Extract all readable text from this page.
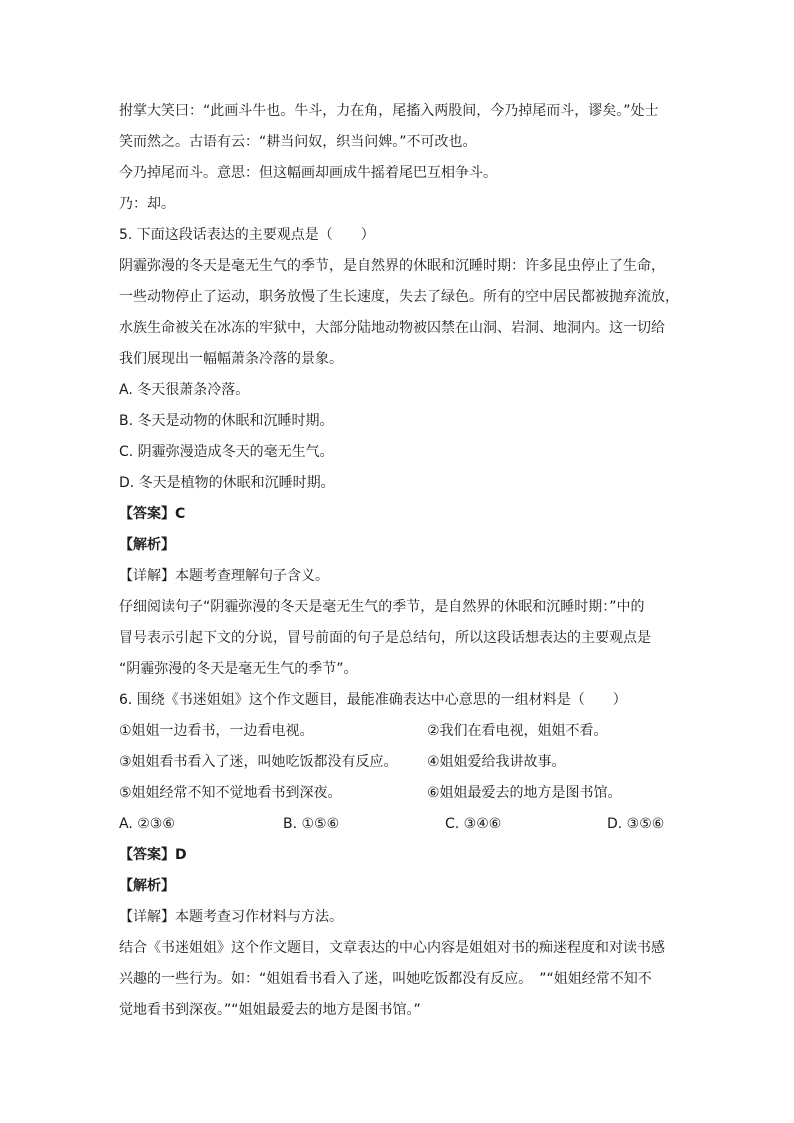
拊掌大笑曰：“此画斗牛也。牛斗，力在角，尾搐入两股间，今乃掉尾而斗，谬矣。”处士
笑而然之。古语有云：“耕当问奴，织当问婢。”不可改也。
今乃掉尾而斗。意思：但这幅画却画成牛摇着尾巴互相争斗。
乃：却。
5. 下面这段话表达的主要观点是（　　）
阴霾弥漫的冬天是毫无生气的季节，是自然界的休眠和沉睡时期：许多昆虫停止了生命，
一些动物停止了运动，职务放慢了生长速度，失去了绿色。所有的空中居民都被抛弃流放，
水族生命被关在冰冻的牢狱中，大部分陆地动物被囚禁在山洞、岩洞、地洞内。这一切给
我们展现出一幅幅萧条冷落的景象。
A. 冬天很萧条冷落。
B. 冬天是动物的休眠和沉睡时期。
C. 阴霾弥漫造成冬天的毫无生气。
D. 冬天是植物的休眠和沉睡时期。
【答案】C
【解析】
【详解】本题考查理解句子含义。
仔细阅读句子“阴霾弥漫的冬天是毫无生气的季节，是自然界的休眠和沉睡时期：”中的
冒号表示引起下文的分说，冒号前面的句子是总结句，所以这段话想表达的主要观点是
“阴霾弥漫的冬天是毫无生气的季节”。
6. 围绕《书迷姐姐》这个作文题目，最能准确表达中心意思的一组材料是（　　）
①姐姐一边看书，一边看电视。	②我们在看电视，姐姐不看。
③姐姐看书看入了迷，叫她吃饭都没有反应。	④姐姐爱给我讲故事。
⑤姐姐经常不知不觉地看书到深夜。	⑥姐姐最爱去的地方是图书馆。
A. ②③⑥	B. ①⑤⑥	C. ③④⑥	D. ③⑤⑥
【答案】D
【解析】
【详解】本题考查习作材料与方法。
结合《书迷姐姐》这个作文题目，文章表达的中心内容是姐姐对书的痴迷程度和对读书感
兴趣的一些行为。如：“姐姐看书看入了迷，叫她吃饭都没有反应。　”“姐姐经常不知不
觉地看书到深夜。”“姐姐最爱去的地方是图书馆。”
